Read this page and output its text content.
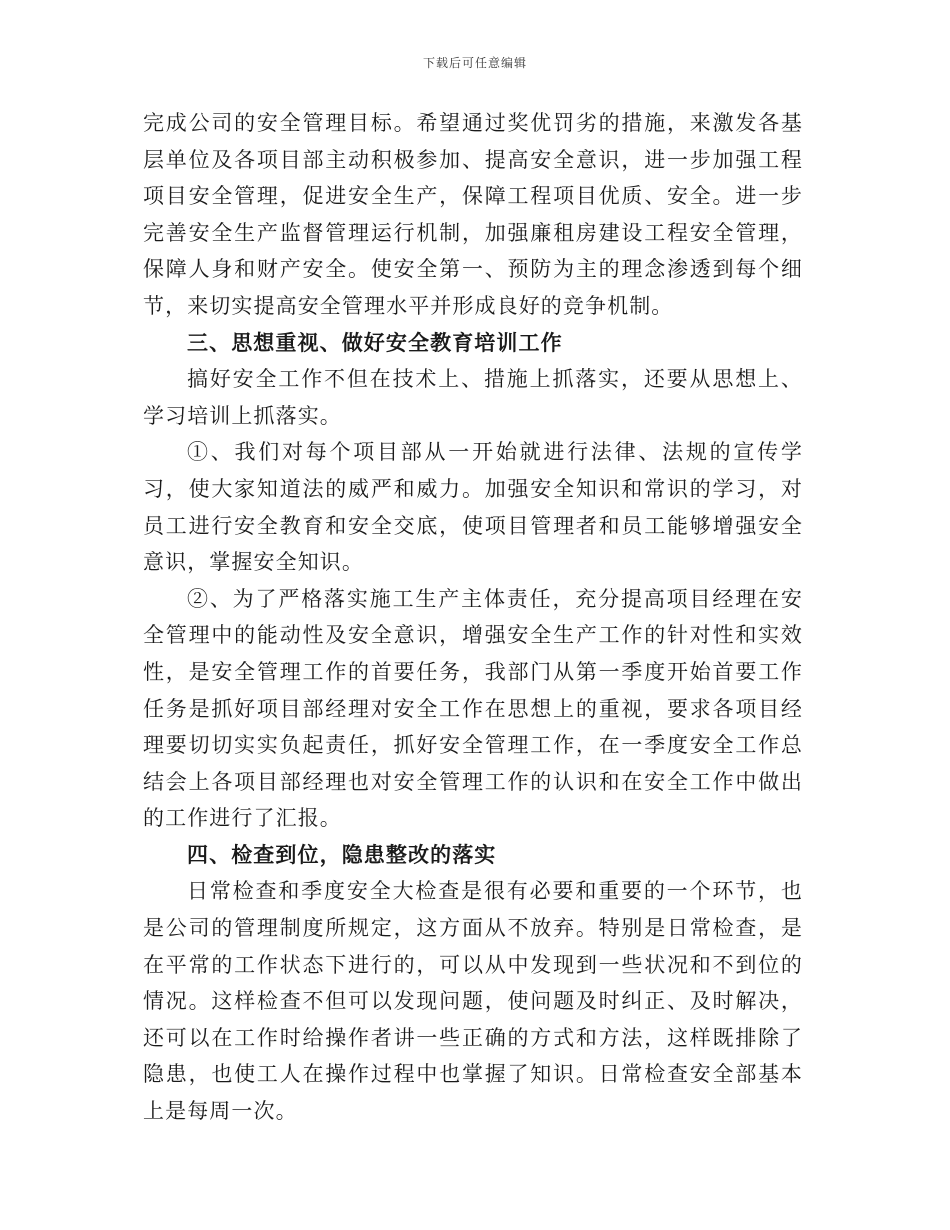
下载后可任意编辑

完成公司的安全管理目标。希望通过奖优罚劣的措施，来激发各基层单位及各项目部主动积极参加、提高安全意识，进一步加强工程项目安全管理，促进安全生产，保障工程项目优质、安全。进一步完善安全生产监督管理运行机制，加强廉租房建设工程安全管理，保障人身和财产安全。使安全第一、预防为主的理念渗透到每个细节，来切实提高安全管理水平并形成良好的竞争机制。

三、思想重视、做好安全教育培训工作

搞好安全工作不但在技术上、措施上抓落实，还要从思想上、学习培训上抓落实。

①、我们对每个项目部从一开始就进行法律、法规的宣传学习，使大家知道法的威严和威力。加强安全知识和常识的学习，对员工进行安全教育和安全交底，使项目管理者和员工能够增强安全意识，掌握安全知识。

②、为了严格落实施工生产主体责任，充分提高项目经理在安全管理中的能动性及安全意识，增强安全生产工作的针对性和实效性，是安全管理工作的首要任务，我部门从第一季度开始首要工作任务是抓好项目部经理对安全工作在思想上的重视，要求各项目经理要切切实实负起责任，抓好安全管理工作，在一季度安全工作总结会上各项目部经理也对安全管理工作的认识和在安全工作中做出的工作进行了汇报。

四、检查到位，隐患整改的落实

日常检查和季度安全大检查是很有必要和重要的一个环节，也是公司的管理制度所规定，这方面从不放弃。特别是日常检查，是在平常的工作状态下进行的，可以从中发现到一些状况和不到位的情况。这样检查不但可以发现问题，使问题及时纠正、及时解决，还可以在工作时给操作者讲一些正确的方式和方法，这样既排除了隐患，也使工人在操作过程中也掌握了知识。日常检查安全部基本上是每周一次。
